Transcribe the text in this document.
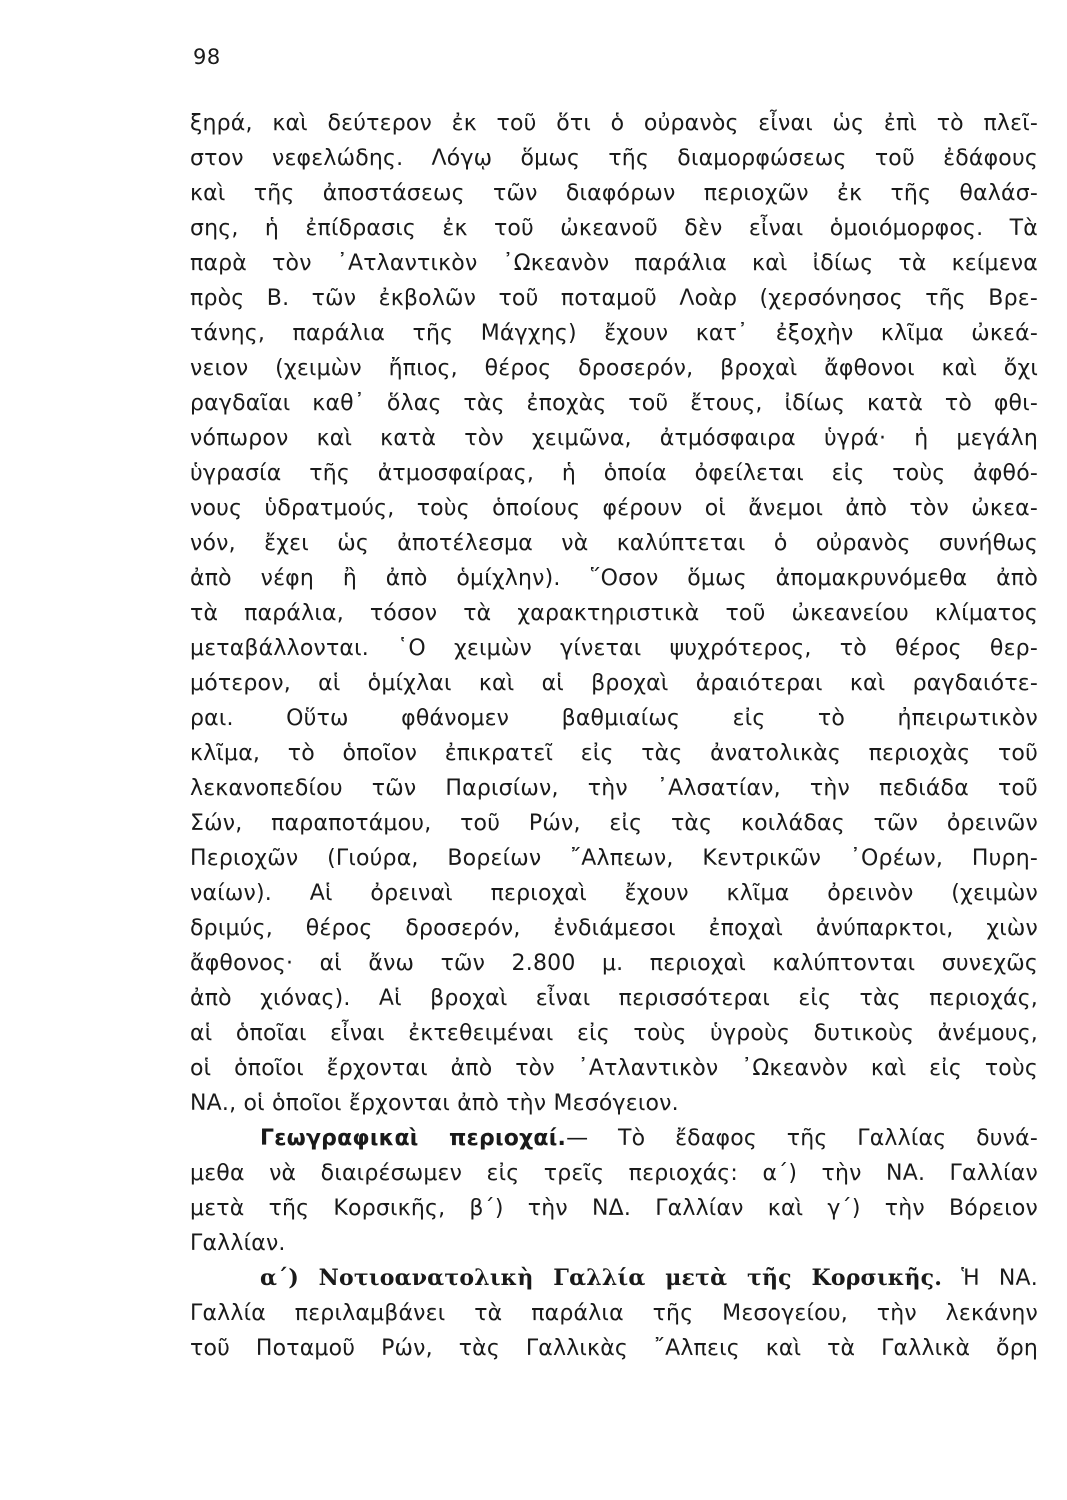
98
ξηρά, καὶ δεύτερον ἐκ τοῦ ὅτι ὁ οὐρανὸς εἶναι ὡς ἐπὶ τὸ πλεῖ-
στον νεφελώδης. Λόγῳ ὅμως τῆς διαμορφώσεως τοῦ ἐδάφους
καὶ τῆς ἀποστάσεως τῶν διαφόρων περιοχῶν ἐκ τῆς θαλάσ-
σης, ἡ ἐπίδρασις ἐκ τοῦ ὠκεανοῦ δὲν εἶναι ὁμοιόμορφος. Τὰ
παρὰ τὸν ᾿Ατλαντικὸν ᾿Ωκεανὸν παράλια καὶ ἰδίως τὰ κείμενα
πρὸς Β. τῶν ἐκβολῶν τοῦ ποταμοῦ Λοὰρ (χερσόνησος τῆς Βρε-
τάνης, παράλια τῆς Μάγχης) ἔχουν κατ᾿ ἐξοχὴν κλῖμα ὠκεά-
νειον (χειμὼν ἤπιος, θέρος δροσερόν, βροχαὶ ἄφθονοι καὶ ὄχι
ραγδαῖαι καθ᾿ ὅλας τὰς ἐποχὰς τοῦ ἔτους, ἰδίως κατὰ τὸ φθι-
νόπωρον καὶ κατὰ τὸν χειμῶνα, ἀτμόσφαιρα ὑγρά· ἡ μεγάλη
ὑγρασία τῆς ἀτμοσφαίρας, ἡ ὁποία ὀφείλεται εἰς τοὺς ἀφθό-
νους ὑδρατμούς, τοὺς ὁποίους φέρουν οἱ ἄνεμοι ἀπὸ τὸν ὠκεα-
νόν, ἔχει ὡς ἀποτέλεσμα νὰ καλύπτεται ὁ οὐρανὸς συνήθως
ἀπὸ νέφη ἢ ἀπὸ ὁμίχλην). ῞Οσον ὅμως ἀπομακρυνόμεθα ἀπὸ
τὰ παράλια, τόσον τὰ χαρακτηριστικὰ τοῦ ὠκεανείου κλίματος
μεταβάλλονται. ῾Ο χειμὼν γίνεται ψυχρότερος, τὸ θέρος θερ-
μότερον, αἱ ὁμίχλαι καὶ αἱ βροχαὶ ἀραιότεραι καὶ ραγδαιότε-
ραι. Οὕτω φθάνομεν βαθμιαίως εἰς τὸ ἠπειρωτικὸν
κλῖμα, τὸ ὁποῖον ἐπικρατεῖ εἰς τὰς ἀνατολικὰς περιοχὰς τοῦ
λεκανοπεδίου τῶν Παρισίων, τὴν ᾿Αλσατίαν, τὴν πεδιάδα τοῦ
Σών, παραποτάμου, τοῦ Ρών, εἰς τὰς κοιλάδας τῶν ὀρεινῶν
Περιοχῶν (Γιούρα, Βορείων ῎Αλπεων, Κεντρικῶν ᾿Ορέων, Πυρη-
ναίων). Αἱ ὀρειναὶ περιοχαὶ ἔχουν κλῖμα ὀρεινὸν (χειμὼν
δριμύς, θέρος δροσερόν, ἐνδιάμεσοι ἐποχαὶ ἀνύπαρκτοι, χιὼν
ἄφθονος· αἱ ἄνω τῶν 2.800 μ. περιοχαὶ καλύπτονται συνεχῶς
ἀπὸ χιόνας). Αἱ βροχαὶ εἶναι περισσότεραι εἰς τὰς περιοχάς,
αἱ ὁποῖαι εἶναι ἐκτεθειμέναι εἰς τοὺς ὑγροὺς δυτικοὺς ἀνέμους,
οἱ ὁποῖοι ἔρχονται ἀπὸ τὸν ᾿Ατλαντικὸν ᾿Ωκεανὸν καὶ εἰς τοὺς
ΝΑ., οἱ ὁποῖοι ἔρχονται ἀπὸ τὴν Μεσόγειον.
Γεωγραφικαὶ περιοχαί.— Τὸ ἔδαφος τῆς Γαλλίας δυνά-
μεθα νὰ διαιρέσωμεν εἰς τρεῖς περιοχάς: α΄) τὴν ΝΑ. Γαλλίαν
μετὰ τῆς Κορσικῆς, β΄) τὴν ΝΔ. Γαλλίαν καὶ γ΄) τὴν Βόρειον
Γαλλίαν.
α΄) Νοτιοανατολικὴ Γαλλία μετὰ τῆς Κορσικῆς. Ἡ ΝΑ.
Γαλλία περιλαμβάνει τὰ παράλια τῆς Μεσογείου, τὴν λεκάνην
τοῦ Ποταμοῦ Ρών, τὰς Γαλλικὰς ῎Αλπεις καὶ τὰ Γαλλικὰ ὄρη
